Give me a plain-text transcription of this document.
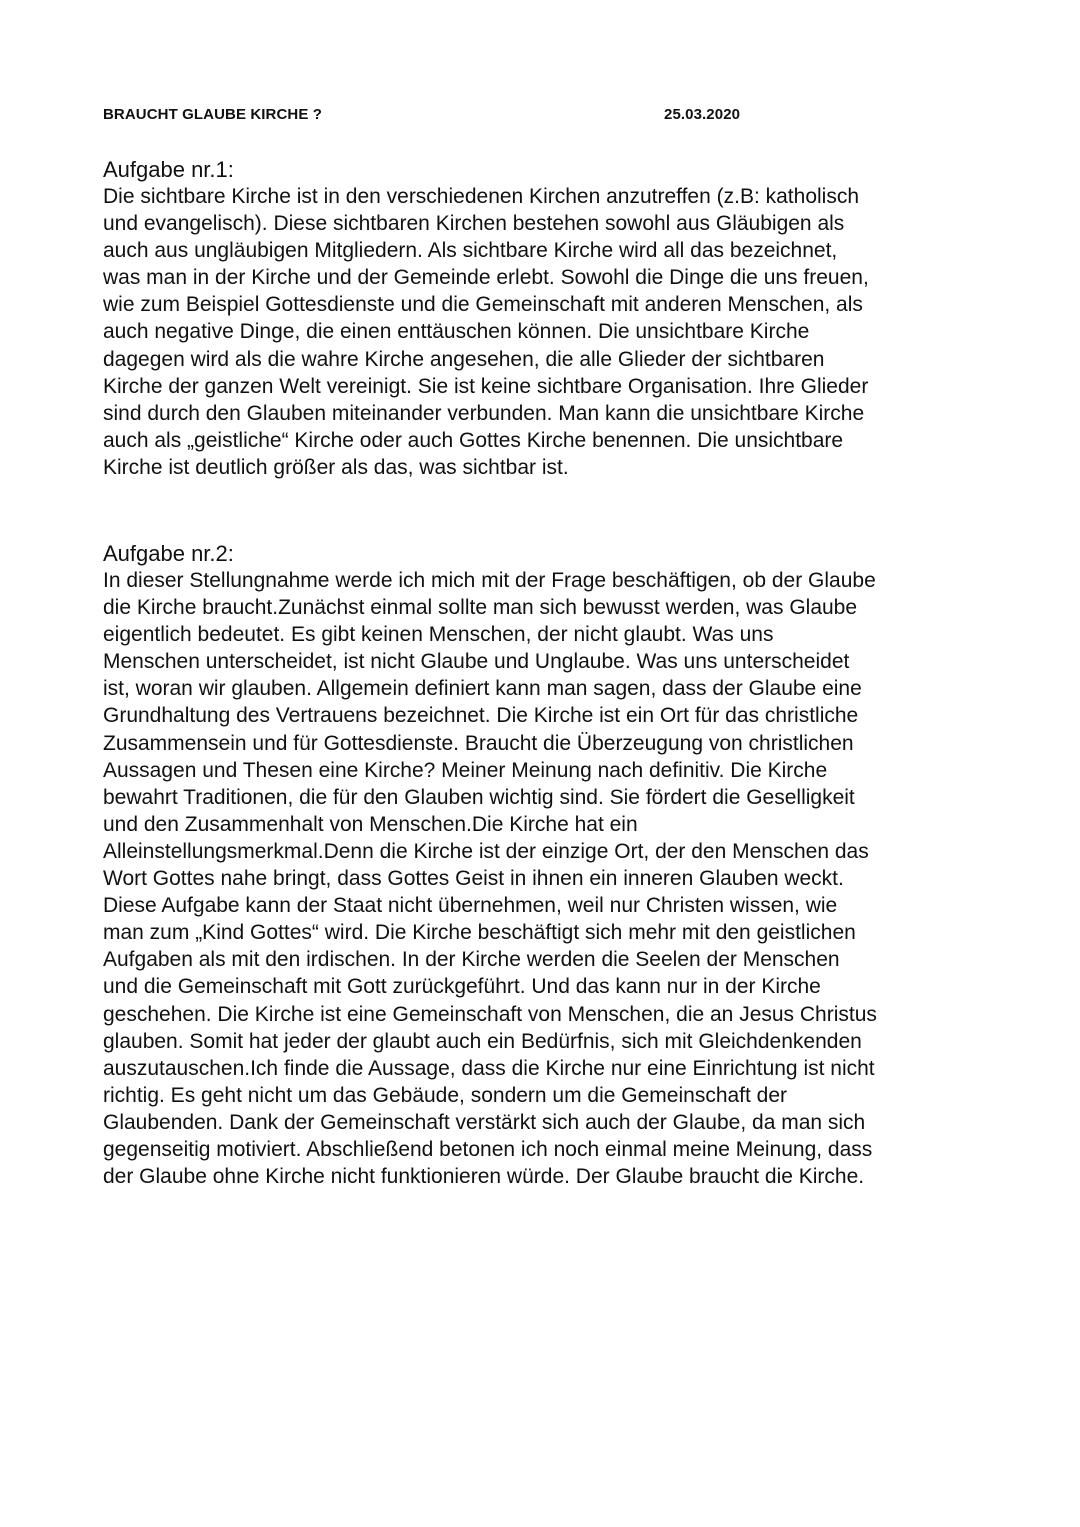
BRAUCHT GLAUBE KIRCHE ?	25.03.2020
Aufgabe nr.1:

Die sichtbare Kirche ist in den verschiedenen Kirchen anzutreffen (z.B: katholisch
und evangelisch). Diese sichtbaren Kirchen bestehen sowohl aus Gläubigen als
auch aus ungläubigen Mitgliedern. Als sichtbare Kirche wird all das bezeichnet,
was man in der Kirche und der Gemeinde erlebt. Sowohl die Dinge die uns freuen,
wie zum Beispiel Gottesdienste und die Gemeinschaft mit anderen Menschen, als
auch negative Dinge, die einen enttäuschen können. Die unsichtbare Kirche
dagegen wird als die wahre Kirche angesehen, die alle Glieder der sichtbaren
Kirche der ganzen Welt vereinigt. Sie ist keine sichtbare Organisation. Ihre Glieder
sind durch den Glauben miteinander verbunden. Man kann die unsichtbare Kirche
auch als „geistliche“ Kirche oder auch Gottes Kirche benennen. Die unsichtbare
Kirche ist deutlich größer als das, was sichtbar ist.

Aufgabe nr.2:

In dieser Stellungnahme werde ich mich mit der Frage beschäftigen, ob der Glaube
die Kirche braucht.Zunächst einmal sollte man sich bewusst werden, was Glaube
eigentlich bedeutet. Es gibt keinen Menschen, der nicht glaubt. Was uns
Menschen unterscheidet, ist nicht Glaube und Unglaube. Was uns unterscheidet
ist, woran wir glauben. Allgemein definiert kann man sagen, dass der Glaube eine
Grundhaltung des Vertrauens bezeichnet. Die Kirche ist ein Ort für das christliche
Zusammensein und für Gottesdienste. Braucht die Überzeugung von christlichen
Aussagen und Thesen eine Kirche? Meiner Meinung nach definitiv. Die Kirche
bewahrt Traditionen, die für den Glauben wichtig sind. Sie fördert die Geselligkeit
und den Zusammenhalt von Menschen.Die Kirche hat ein
Alleinstellungsmerkmal.Denn die Kirche ist der einzige Ort, der den Menschen das
Wort Gottes nahe bringt, dass Gottes Geist in ihnen ein inneren Glauben weckt.
Diese Aufgabe kann der Staat nicht übernehmen, weil nur Christen wissen, wie
man zum „Kind Gottes“ wird. Die Kirche beschäftigt sich mehr mit den geistlichen
Aufgaben als mit den irdischen. In der Kirche werden die Seelen der Menschen
und die Gemeinschaft mit Gott zurückgeführt. Und das kann nur in der Kirche
geschehen. Die Kirche ist eine Gemeinschaft von Menschen, die an Jesus Christus
glauben. Somit hat jeder der glaubt auch ein Bedürfnis, sich mit Gleichdenkenden
auszutauschen.Ich finde die Aussage, dass die Kirche nur eine Einrichtung ist nicht
richtig. Es geht nicht um das Gebäude, sondern um die Gemeinschaft der
Glaubenden. Dank der Gemeinschaft verstärkt sich auch der Glaube, da man sich
gegenseitig motiviert. Abschließend betonen ich noch einmal meine Meinung, dass
der Glaube ohne Kirche nicht funktionieren würde. Der Glaube braucht die Kirche.
